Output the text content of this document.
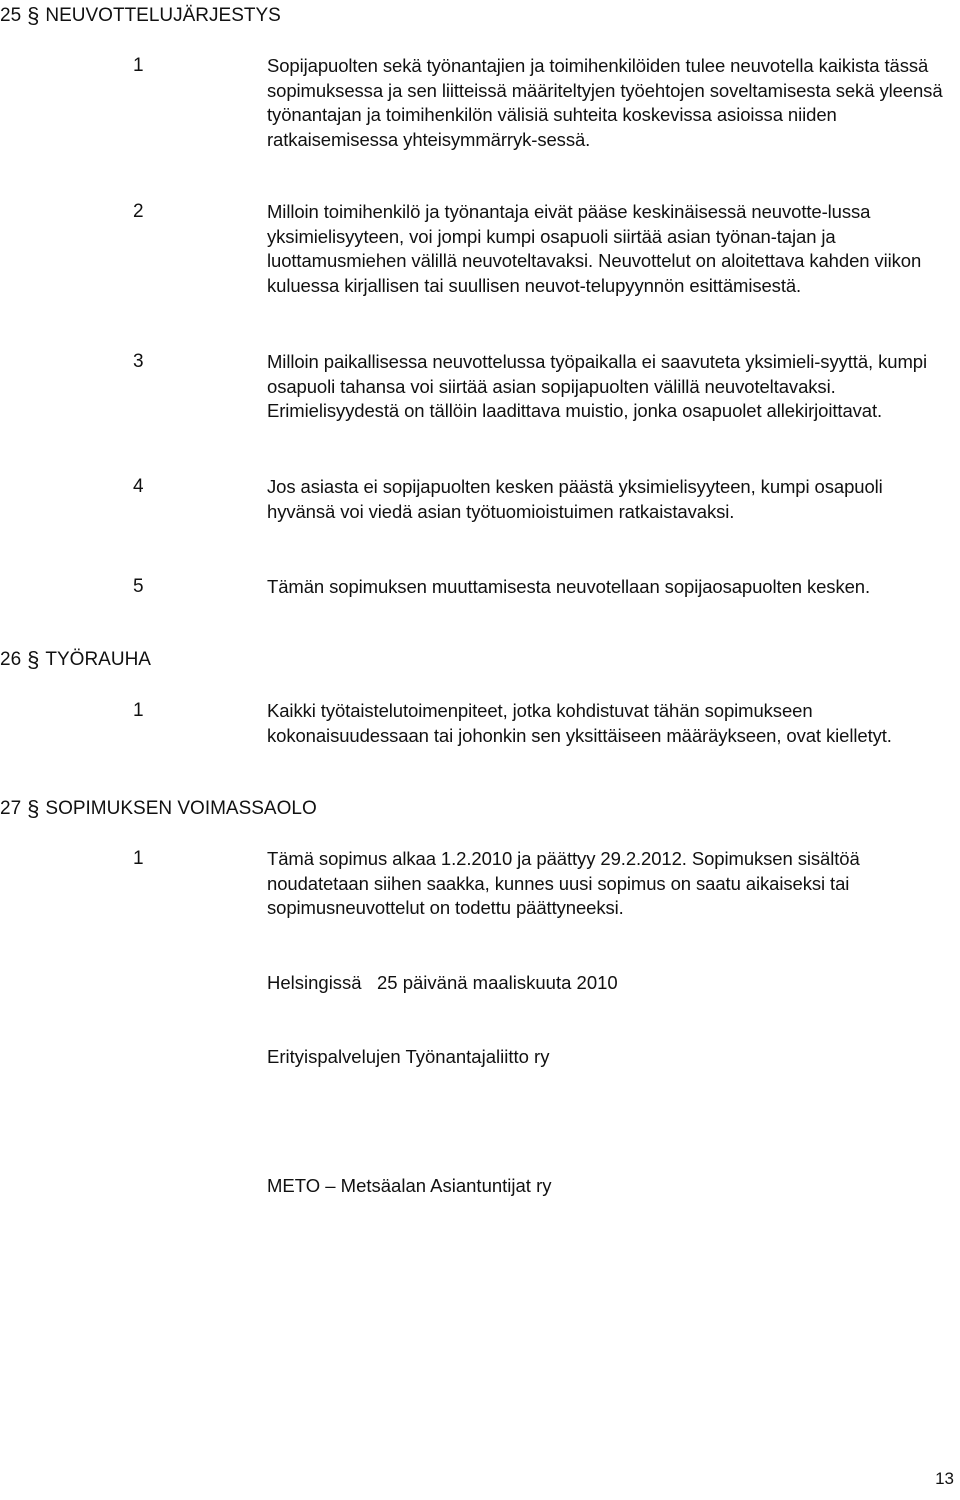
25 § NEUVOTTELUJÄRJESTYS
1	Sopijapuolten sekä työnantajien ja toimihenkilöiden tulee neuvotella kaikista tässä sopimuksessa ja sen liitteissä määriteltyjen työehtojen soveltamisesta sekä yleensä työnantajan ja toimihenkilön välisiä suhteita koskevissa asioissa niiden ratkaisemisessa yhteisymmärryk-sessä.
2	Milloin toimihenkilö ja työnantaja eivät pääse keskinäisessä neuvotte-lussa yksimielisyyteen, voi jompi kumpi osapuoli siirtää asian työnan-tajan ja luottamusmiehen välillä neuvoteltavaksi. Neuvottelut on aloitettava kahden viikon kuluessa kirjallisen tai suullisen neuvot-telupyynnön esittämisestä.
3	Milloin paikallisessa neuvottelussa työpaikalla ei saavuteta yksimieli-syyttä, kumpi osapuoli tahansa voi siirtää asian sopijapuolten välillä neuvoteltavaksi. Erimielisyydestä on tällöin laadittava muistio, jonka osapuolet allekirjoittavat.
4	Jos asiasta ei sopijapuolten kesken päästä yksimielisyyteen, kumpi osapuoli hyvänsä voi viedä asian työtuomioistuimen ratkaistavaksi.
5	Tämän sopimuksen muuttamisesta neuvotellaan sopijaosapuolten kesken.
26 § TYÖRAUHA
1	Kaikki työtaistelutoimenpiteet, jotka kohdistuvat tähän sopimukseen kokonaisuudessaan tai johonkin sen yksittäiseen määräykseen, ovat kielletyt.
27 § SOPIMUKSEN VOIMASSAOLO
1	Tämä sopimus alkaa 1.2.2010 ja päättyy 29.2.2012. Sopimuksen sisältöä noudatetaan siihen saakka, kunnes uusi sopimus on saatu aikaiseksi tai sopimusneuvottelut on todettu päättyneeksi.
Helsingissä   25 päivänä maaliskuuta 2010
Erityispalvelujen Työnantajaliitto ry
METO – Metsäalan Asiantuntijat ry
13
